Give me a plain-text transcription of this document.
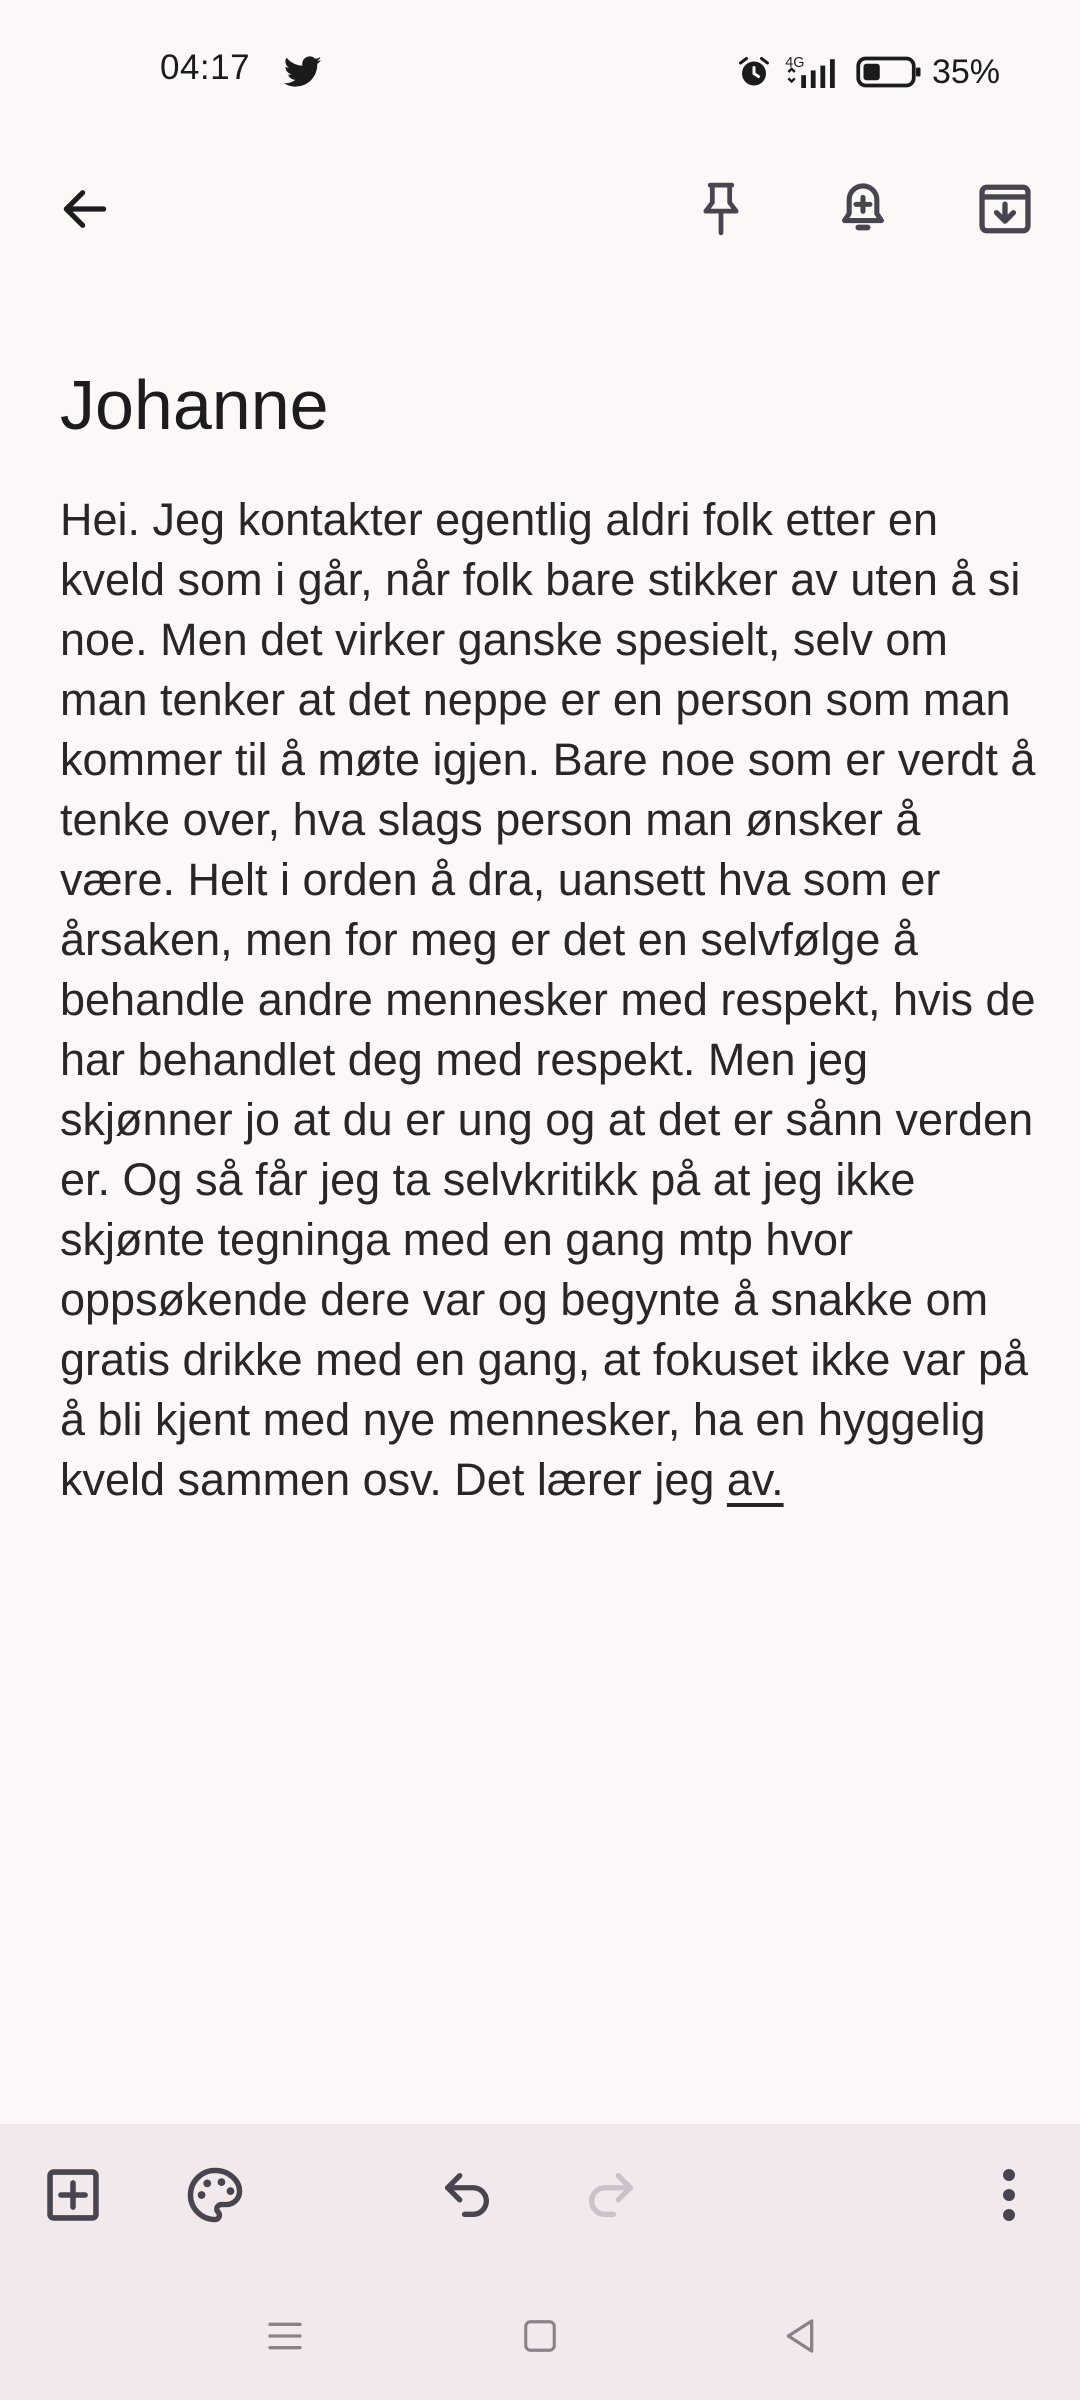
04:17	4G	35%
Johanne

Hei. Jeg kontakter egentlig aldri folk etter en kveld som i går, når folk bare stikker av uten å si noe. Men det virker ganske spesielt, selv om man tenker at det neppe er en person som man kommer til å møte igjen. Bare noe som er verdt å tenke over, hva slags person man ønsker å være. Helt i orden å dra, uansett hva som er årsaken, men for meg er det en selvfølge å behandle andre mennesker med respekt, hvis de har behandlet deg med respekt. Men jeg skjønner jo at du er ung og at det er sånn verden er. Og så får jeg ta selvkritikk på at jeg ikke skjønte tegninga med en gang mtp hvor oppsøkende dere var og begynte å snakke om gratis drikke med en gang, at fokuset ikke var på å bli kjent med nye mennesker, ha en hyggelig kveld sammen osv. Det lærer jeg av.
